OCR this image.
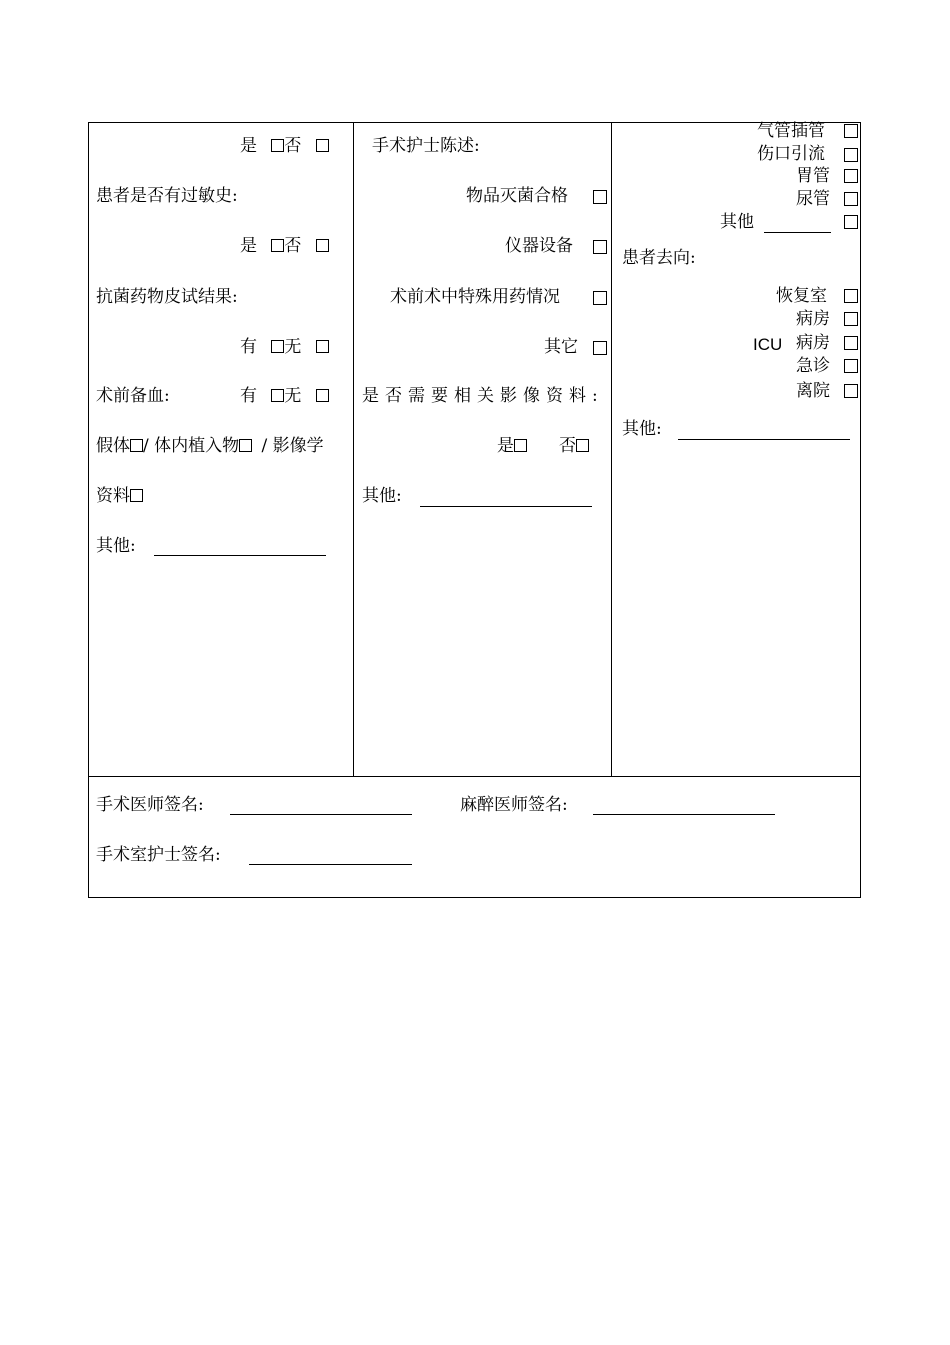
是 否
患者是否有过敏史:
是 否
抗菌药物皮试结果:
有 无
术前备血:	有 无
假体 / 体内植入物 / 影像学
资料
其他:
手术护士陈述:
物品灭菌合格
仪器设备
术前术中特殊用药情况
其它
是否需要相关影像资料:
是	否
其他:
气管插管
伤口引流
胃管
尿管
其他
患者去向:
恢复室
病房
ICU 病房
急诊
离院
其他:
手术医师签名:	麻醉医师签名:
手术室护士签名:
